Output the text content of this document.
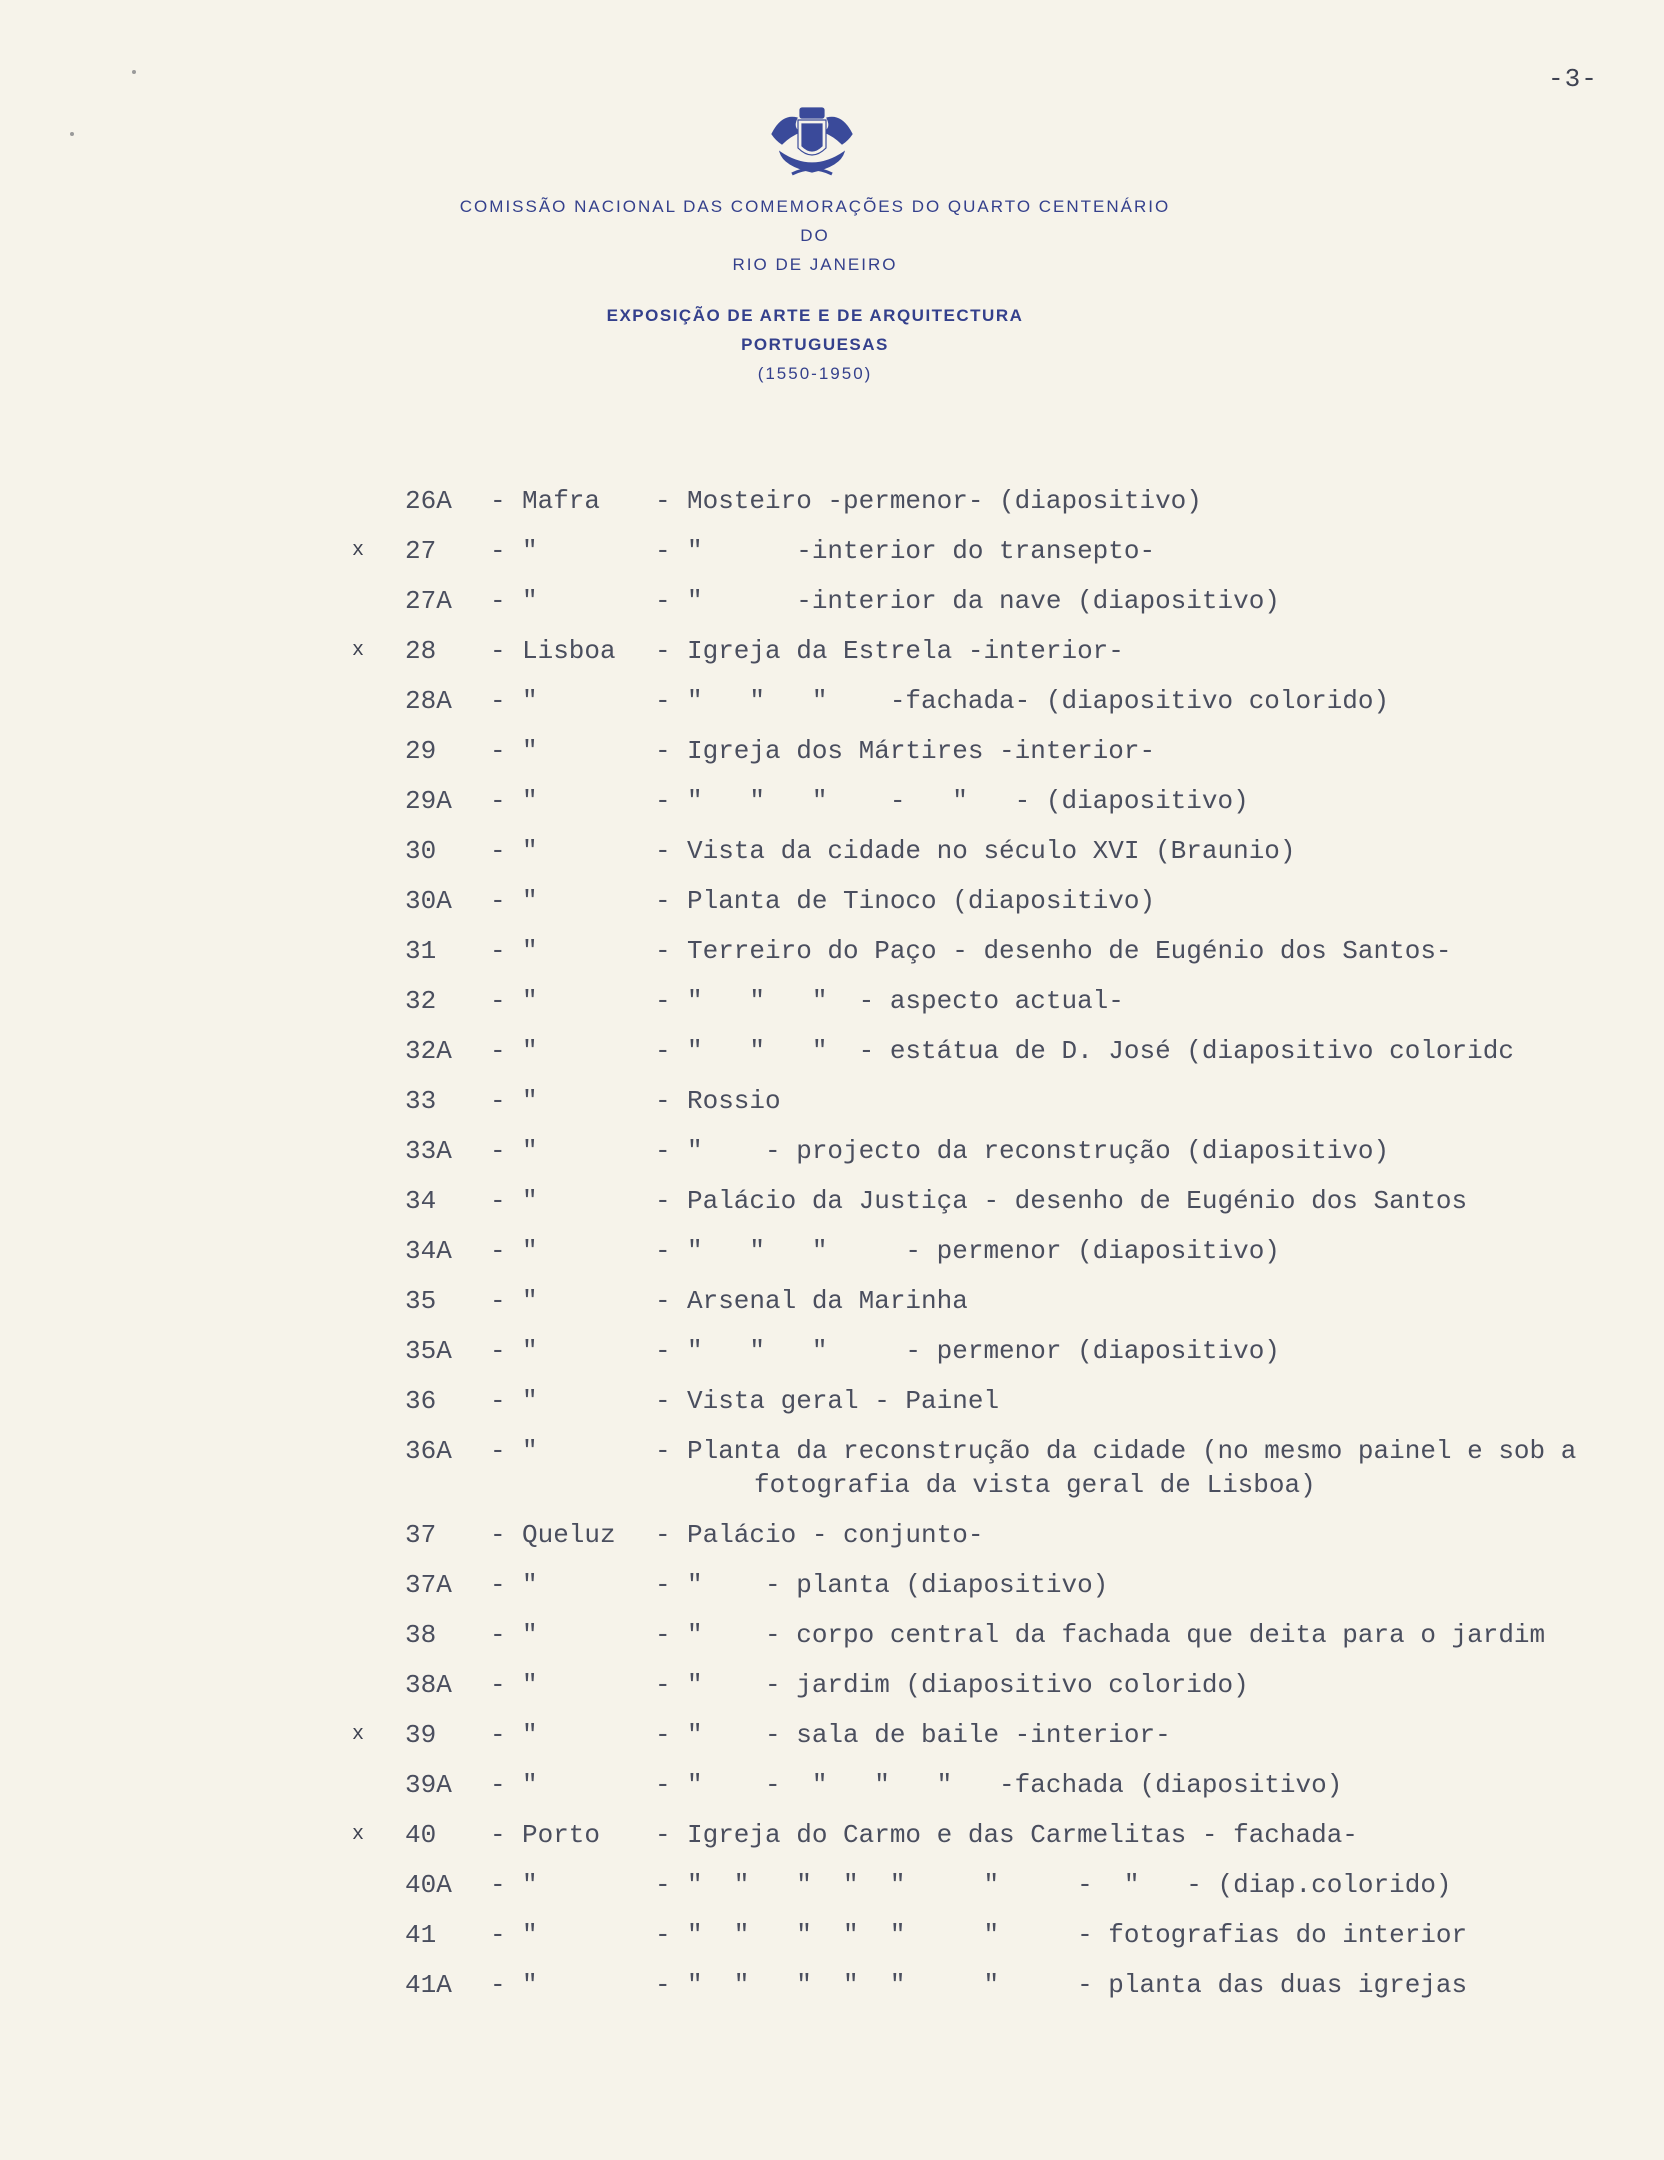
-3-
COMISSÃO NACIONAL DAS COMEMORAÇÕES DO QUARTO CENTENÁRIO
DO
RIO DE JANEIRO
EXPOSIÇÃO DE ARTE E DE ARQUITECTURA
PORTUGUESAS
(1550-1950)
26A - Mafra - Mosteiro -permenor- (diapositivo)
x 27 - "	- "      -interior do transepto-
27A - "	- "      -interior da nave (diapositivo)
x 28 - Lisboa - Igreja da Estrela -interior-
28A - "	- "   "   "    -fachada- (diapositivo colorido)
29 - "	- Igreja dos Mártires -interior-
29A - "	- "   "   "    -   "   - (diapositivo)
30 - "	- Vista da cidade no século XVI (Braunio)
30A - "	- Planta de Tinoco (diapositivo)
31 - "	- Terreiro do Paço - desenho de Eugénio dos Santos-
32 - "	- "   "   "  - aspecto actual-
32A - "	- "   "   "  - estátua de D. José (diapositivo coloridc
33 - "	- Rossio
33A - "	- "    - projecto da reconstrução (diapositivo)
34 - "	- Palácio da Justiça - desenho de Eugénio dos Santos
34A - "	- "   "   "     - permenor (diapositivo)
35 - "	- Arsenal da Marinha
35A - "	- "   "   "     - permenor (diapositivo)
36 - "	- Vista geral - Painel
36A - "	- Planta da reconstrução da cidade (no mesmo painel e sob a
fotografia da vista geral de Lisboa)
37 - Queluz - Palácio - conjunto-
37A - "	- "    - planta (diapositivo)
38 - "	- "    - corpo central da fachada que deita para o jardim
38A - "	- "    - jardim (diapositivo colorido)
x 39 - "	- "    - sala de baile -interior-
39A - "	- "    -  "   "   "   -fachada (diapositivo)
x 40 - Porto - Igreja do Carmo e das Carmelitas - fachada-
40A - "	- "  "   "  "  "     "     -  "   - (diap.colorido)
41 - "	- "  "   "  "  "     "     - fotografias do interior
41A - "	- "  "   "  "  "     "     - planta das duas igrejas
